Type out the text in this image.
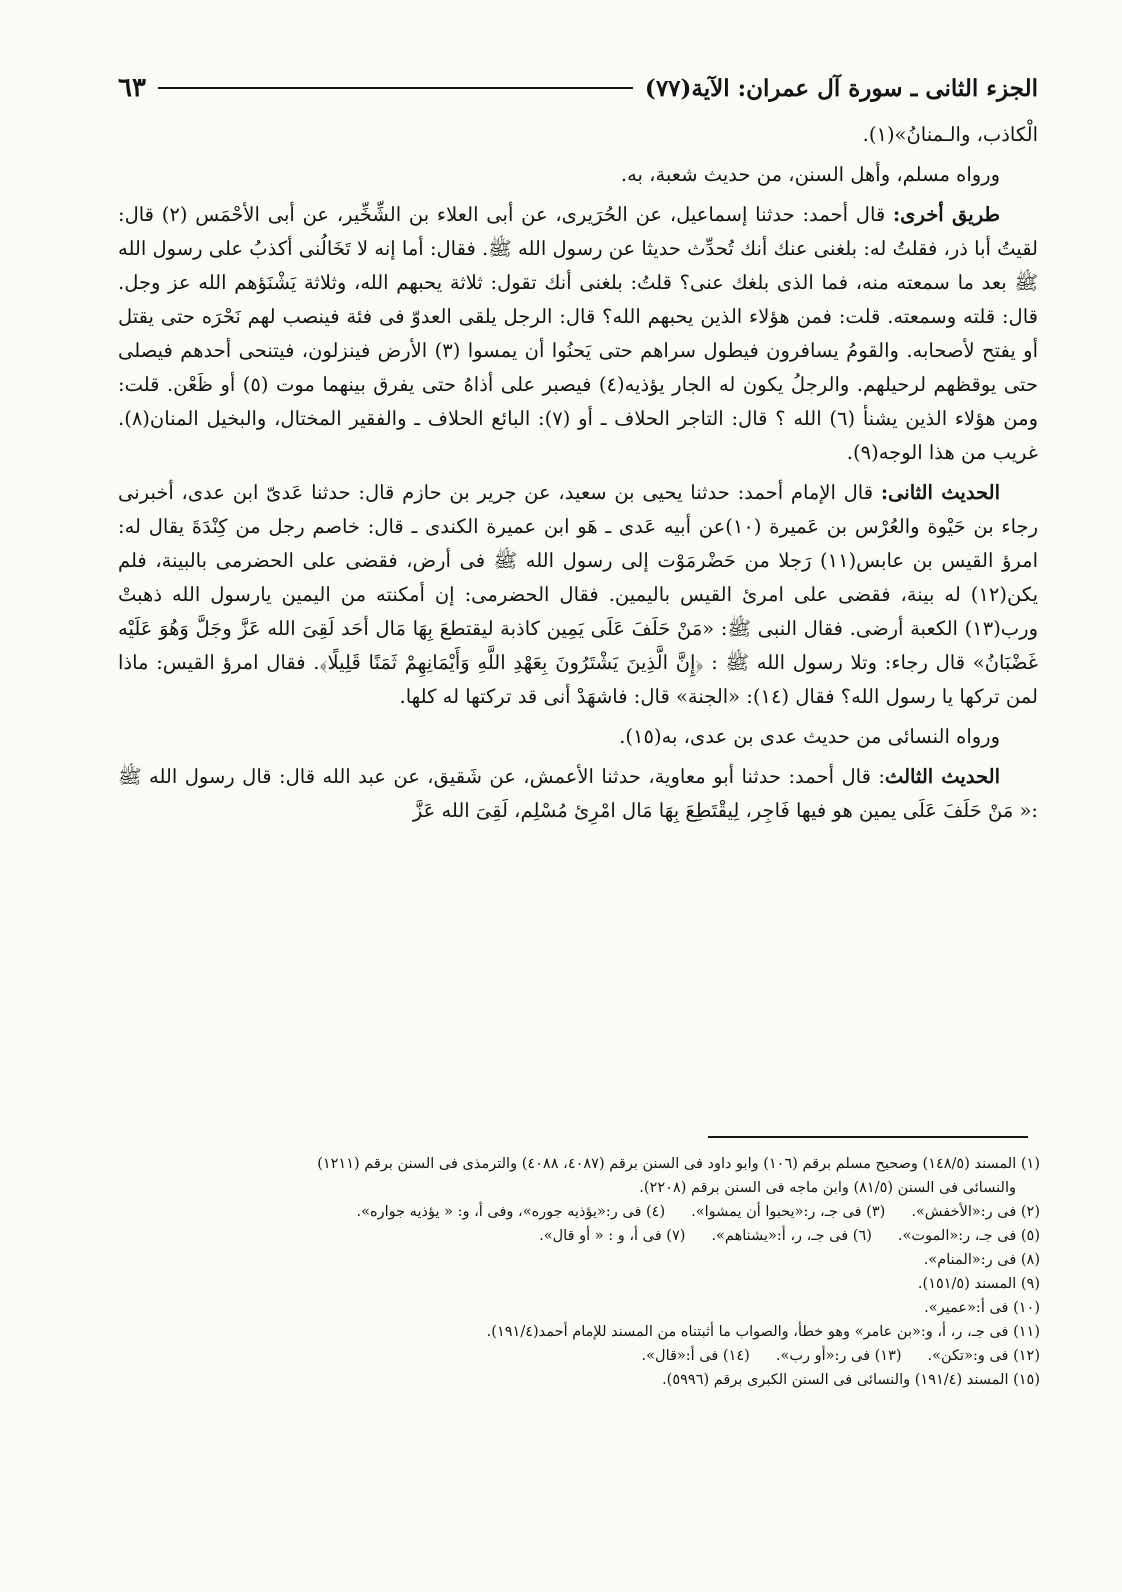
الجزء الثانى ـ سورة آل عمران: الآية(٧٧)
٦٣

الْكاذب، والـمنانُ»(١).

ورواه مسلم، وأهل السنن، من حديث شعبة، به.

طريق أخرى: قال أحمد: حدثنا إسماعيل، عن الحُرَيرى، عن أبى العلاء بن الشِّخِّير، عن أبى الأحْمَس (٢) قال: لقيتُ أبا ذر، فقلتُ له: بلغنى عنك أنك تُحدِّث حديثا عن رسول الله ﷺ. فقال: أما إنه لا تَخَالُنى أكذبُ على رسول الله ﷺ بعد ما سمعته منه، فما الذى بلغك عنى؟ قلتُ: بلغنى أنك تقول: ثلاثة يحبهم الله، وثلاثة يَشْنَؤهم الله عز وجل. قال: قلته وسمعته. قلت: فمن هؤلاء الذين يحبهم الله؟ قال: الرجل يلقى العدوّ فى فئة فينصب لهم نَحْرَه حتى يقتل أو يفتح لأصحابه. والقومُ يسافرون فيطول سراهم حتى يَحنُوا أن يمسوا (٣) الأرض فينزلون، فيتنحى أحدهم فيصلى حتى يوقظهم لرحيلهم. والرجلُ يكون له الجار يؤذيه(٤) فيصبر على أذاهُ حتى يفرق بينهما موت (٥) أو ظَعْن. قلت: ومن هؤلاء الذين يشنأ (٦) الله ؟ قال: التاجر الحلاف ـ أو (٧): البائع الحلاف ـ والفقير المختال، والبخيل المنان(٨). غريب من هذا الوجه(٩).

الحديث الثانى: قال الإمام أحمد: حدثنا يحيى بن سعيد، عن جرير بن حازم قال: حدثنا عَدىّ ابن عدى، أخبرنى رجاء بن حَيْوة والعُرْس بن عَميرة (١٠)عن أبيه عَدى ـ هَو ابن عميرة الكندى ـ قال: خاصم رجل من كِنْدَةَ يقال له: امرؤ القيس بن عابس(١١) رَجلا من حَضْرمَوْت إلى رسول الله ﷺ فى أرض، فقضى على الحضرمى بالبينة، فلم يكن(١٢) له بينة، فقضى على امرئ القيس باليمين. فقال الحضرمى: إن أمكنته من اليمين يارسول الله ذهبتْ ورب(١٣) الكعبة أرضى. فقال النبى ﷺ: «مَنْ حَلَفَ عَلَى يَمِين كاذبة ليقتطعَ بِهَا مَال أحَد لَقِىَ الله عَزَّ وجَلَّ وَهُوَ عَلَيْه غَضْبَانُ» قال رجاء: وتلا رسول الله ﷺ : ﴿إِنَّ الَّذِينَ يَشْتَرُونَ بِعَهْدِ اللَّهِ وَأَيْمَانِهِمْ ثَمَنًا قَلِيلًا﴾. فقال امرؤ القيس: ماذا لمن تركها يا رسول الله؟ فقال (١٤): «الجنة» قال: فاشهَدْ أنى قد تركتها له كلها.

ورواه النسائى من حديث عدى بن عدى، به(١٥).

الحديث الثالث: قال أحمد: حدثنا أبو معاوية، حدثنا الأعمش، عن شَقيق، عن عبد الله قال: قال رسول الله ﷺ :« مَنْ حَلَفَ عَلَى يمين هو فيها فَاجِر، لِيقْتَطِعَ بِهَا مَال امْرِئ مُسْلِم، لَقِىَ الله عَزَّ

(١) المسند (١٤٨/٥) وصحيح مسلم برقم (١٠٦) وابو داود فى السنن برقم (٤٠٨٧، ٤٠٨٨) والترمذى فى السنن برقم (١٢١١)

والنسائى فى السنن (٨١/٥) وابن ماجه فى السنن برقم (٢٢٠٨).

(٢) فى ر:«الأخفش».
(٣) فى جـ، ر:«يحبوا أن يمشوا».
(٤) فى ر:«يؤذيه جوره»، وفى أ، و: « يؤذيه جواره».
(٥) فى جـ، ر:«الموت».
(٦) فى جـ، ر، أ:«يشناهم».
(٧) فى أ، و : « أو قال».

(٨) فى ر:«المنام».

(٩) المسند (١٥١/٥).

(١٠) فى أ:«عمير».

(١١) فى جـ، ر، أ، و:«بن عامر» وهو خطأ، والصواب ما أثبتناه من المسند للإمام أحمد(١٩١/٤).

(١٢) فى و:«تكن».
(١٣) فى ر:«أو رب».
(١٤) فى أ:«قال».

(١٥) المسند (١٩١/٤) والنسائى فى السنن الكبرى برقم (٥٩٩٦).
